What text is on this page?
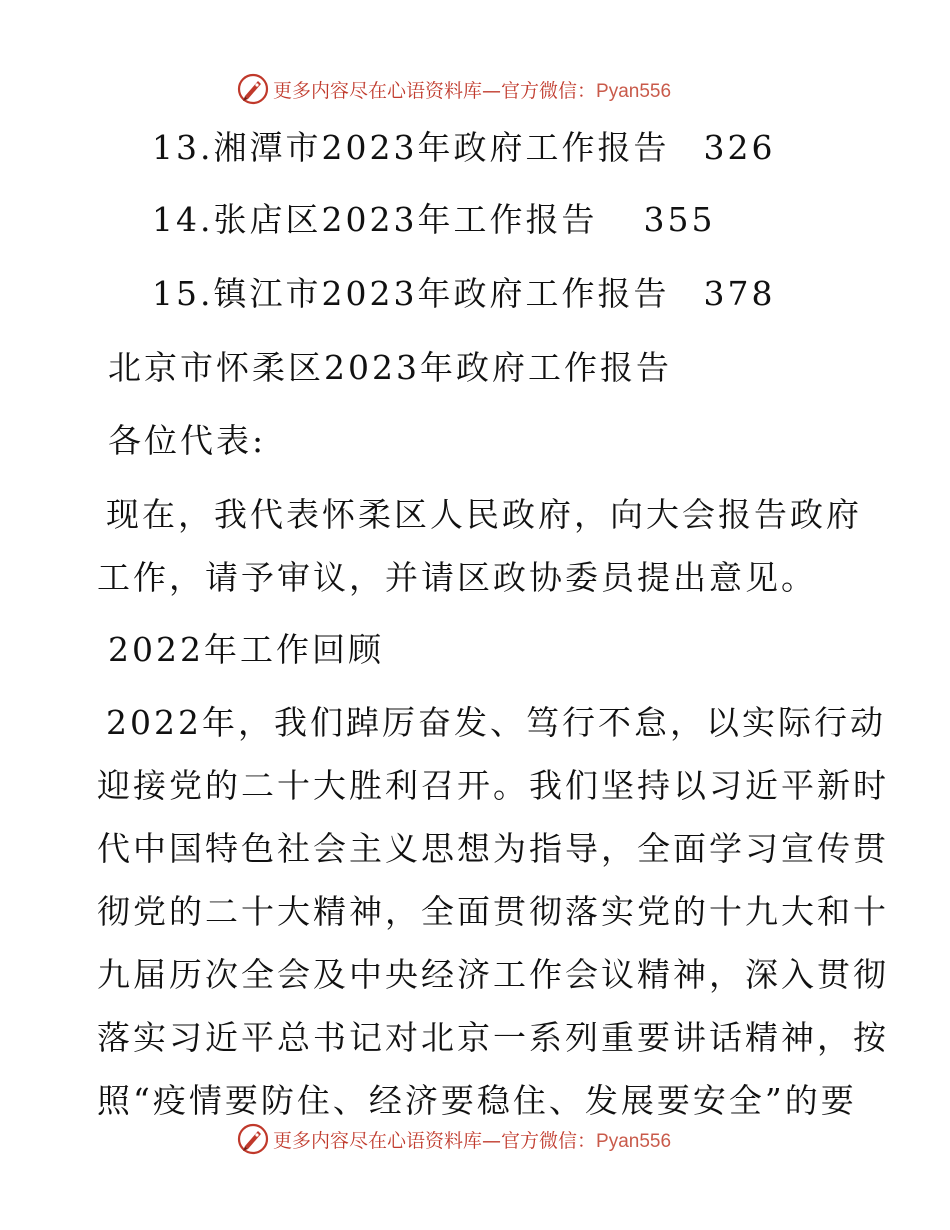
更多内容尽在心语资料库—官方微信：Pyan556
13.湘潭市2023年政府工作报告 326
14.张店区2023年工作报告 355
15.镇江市2023年政府工作报告 378
北京市怀柔区2023年政府工作报告
各位代表:
现在，我代表怀柔区人民政府，向大会报告政府
工作，请予审议，并请区政协委员提出意见。
2022年工作回顾
2022年，我们踔厉奋发、笃行不怠，以实际行动
迎接党的二十大胜利召开。我们坚持以习近平新时
代中国特色社会主义思想为指导，全面学习宣传贯
彻党的二十大精神，全面贯彻落实党的十九大和十
九届历次全会及中央经济工作会议精神，深入贯彻
落实习近平总书记对北京一系列重要讲话精神，按
照“疫情要防住、经济要稳住、发展要安全”的要
更多内容尽在心语资料库—官方微信：Pyan556
